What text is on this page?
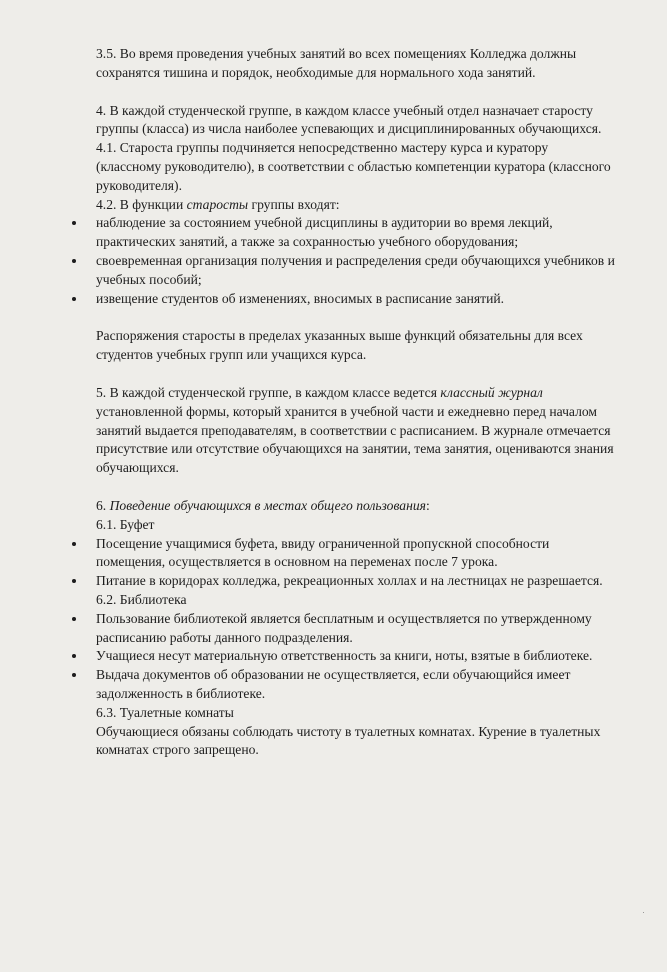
3.5. Во время проведения учебных занятий во всех помещениях Колледжа должны сохранятся тишина и порядок, необходимые для нормального хода занятий.

4. В каждой студенческой группе, в каждом классе учебный отдел назначает старосту группы (класса) из числа наиболее успевающих и дисциплинированных обучающихся.

4.1. Староста группы подчиняется непосредственно мастеру курса и куратору (классному руководителю), в соответствии с областью компетенции куратора (классного руководителя).

4.2. В функции старосты группы входят:

наблюдение за состоянием учебной дисциплины в аудитории во время лекций, практических занятий, а также за сохранностью учебного оборудования;

своевременная организация получения и распределения среди обучающихся учебников и учебных пособий;

извещение студентов об изменениях, вносимых в расписание занятий.

Распоряжения старосты в пределах указанных выше функций обязательны для всех студентов учебных групп или учащихся курса.

5. В каждой студенческой группе, в каждом классе ведется классный журнал установленной формы, который хранится в учебной части и ежедневно перед началом занятий выдается преподавателям, в соответствии с расписанием. В журнале отмечается присутствие или отсутствие обучающихся на занятии, тема занятия, оцениваются знания обучающихся.

6. Поведение обучающихся в местах общего пользования:

6.1. Буфет

Посещение учащимися буфета, ввиду ограниченной пропускной способности помещения, осуществляется в основном на переменах после 7 урока.

Питание в коридорах колледжа, рекреационных холлах и на лестницах не разрешается.

6.2. Библиотека

Пользование библиотекой является бесплатным и осуществляется по утвержденному расписанию работы данного подразделения.

Учащиеся несут материальную ответственность за книги, ноты, взятые в библиотеке.

Выдача документов об образовании не осуществляется, если обучающийся имеет задолженность в библиотеке.

6.3. Туалетные комнаты

Обучающиеся обязаны соблюдать чистоту в туалетных комнатах. Курение в туалетных комнатах строго запрещено.
